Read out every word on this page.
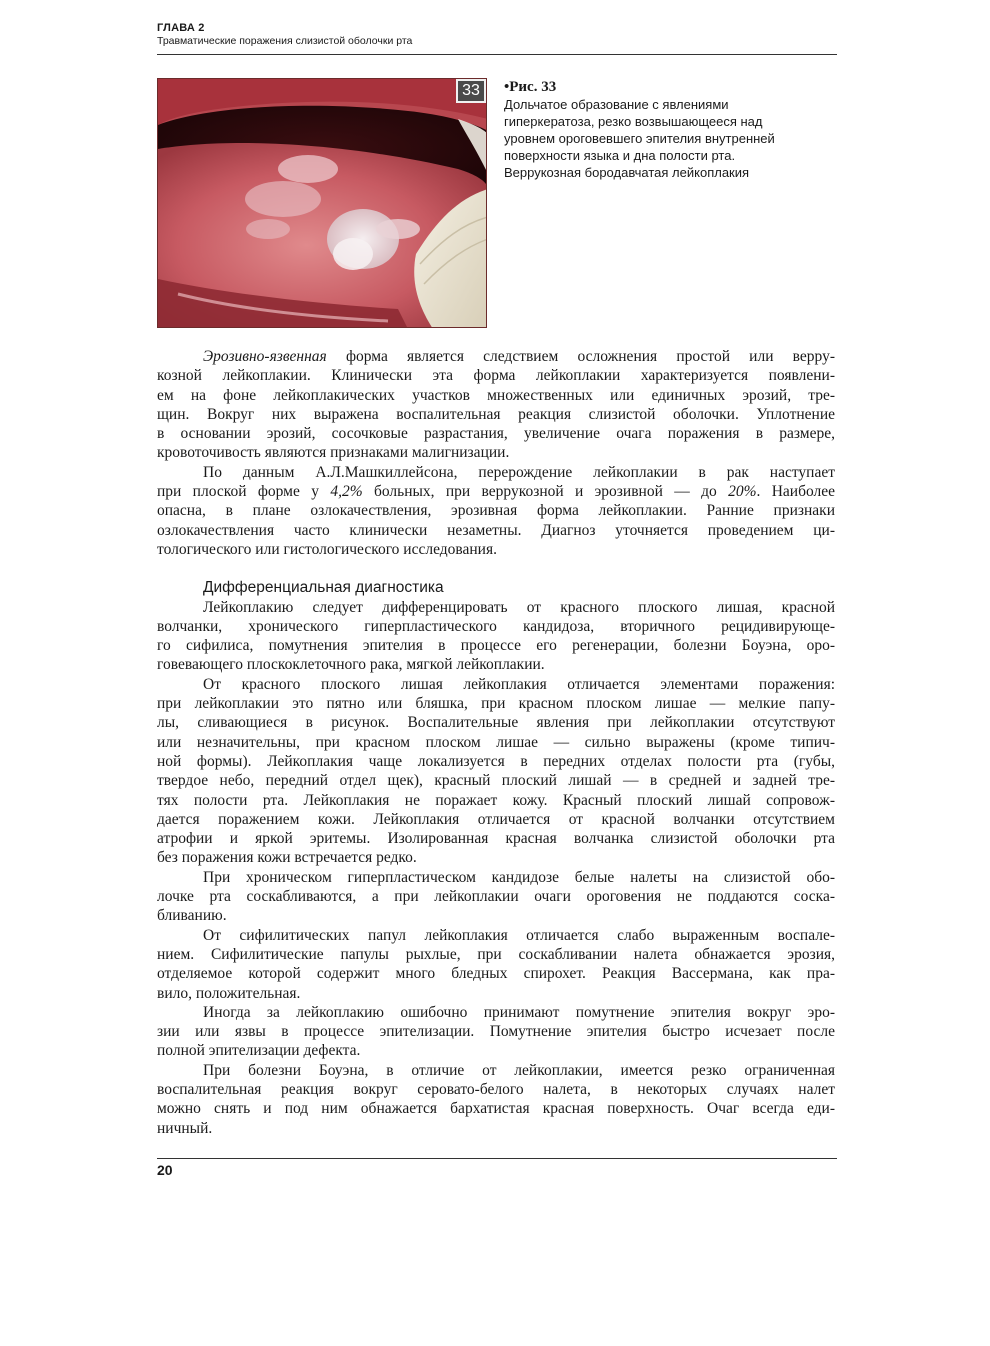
ГЛАВА 2
Травматические поражения слизистой оболочки рта
33	•Рис. 33
Дольчатое образование с явлениями
гиперкератоза, резко возвышающееся над
уровнем ороговевшего эпителия внутренней
поверхности языка и дна полости рта.
Веррукозная бородавчатая лейкоплакия
Эрозивно-язвенная форма является следствием осложнения простой или верру-
козной лейкоплакии. Клинически эта форма лейкоплакии характеризуется появлени-
ем на фоне лейкоплакических участков множественных или единичных эрозий, тре-
щин. Вокруг них выражена воспалительная реакция слизистой оболочки. Уплотнение
в основании эрозий, сосочковые разрастания, увеличение очага поражения в размере,
кровоточивость являются признаками малигнизации.
По данным А.Л.Машкиллейсона, перерождение лейкоплакии в рак наступает
при плоской форме у 4,2% больных, при веррукозной и эрозивной — до 20%. Наиболее
опасна, в плане озлокачествления, эрозивная форма лейкоплакии. Ранние признаки
озлокачествления часто клинически незаметны. Диагноз уточняется проведением ци-
тологического или гистологического исследования.
Дифференциальная диагностика
Лейкоплакию следует дифференцировать от красного плоского лишая, красной
волчанки, хронического гиперпластического кандидоза, вторичного рецидивирующе-
го сифилиса, помутнения эпителия в процессе его регенерации, болезни Боуэна, оро-
говевающего плоскоклеточного рака, мягкой лейкоплакии.
От красного плоского лишая лейкоплакия отличается элементами поражения:
при лейкоплакии это пятно или бляшка, при красном плоском лишае — мелкие папу-
лы, сливающиеся в рисунок. Воспалительные явления при лейкоплакии отсутствуют
или незначительны, при красном плоском лишае — сильно выражены (кроме типич-
ной формы). Лейкоплакия чаще локализуется в передних отделах полости рта (губы,
твердое небо, передний отдел щек), красный плоский лишай — в средней и задней тре-
тях полости рта. Лейкоплакия не поражает кожу. Красный плоский лишай сопровож-
дается поражением кожи. Лейкоплакия отличается от красной волчанки отсутствием
атрофии и яркой эритемы. Изолированная красная волчанка слизистой оболочки рта
без поражения кожи встречается редко.
При хроническом гиперпластическом кандидозе белые налеты на слизистой обо-
лочке рта соскабливаются, а при лейкоплакии очаги ороговения не поддаются соска-
бливанию.
От сифилитических папул лейкоплакия отличается слабо выраженным воспале-
нием. Сифилитические папулы рыхлые, при соскабливании налета обнажается эрозия,
отделяемое которой содержит много бледных спирохет. Реакция Вассермана, как пра-
вило, положительная.
Иногда за лейкоплакию ошибочно принимают помутнение эпителия вокруг эро-
зии или язвы в процессе эпителизации. Помутнение эпителия быстро исчезает после
полной эпителизации дефекта.
При болезни Боуэна, в отличие от лейкоплакии, имеется резко ограниченная
воспалительная реакция вокруг серовато-белого налета, в некоторых случаях налет
можно снять и под ним обнажается бархатистая красная поверхность. Очаг всегда еди-
ничный.
20
